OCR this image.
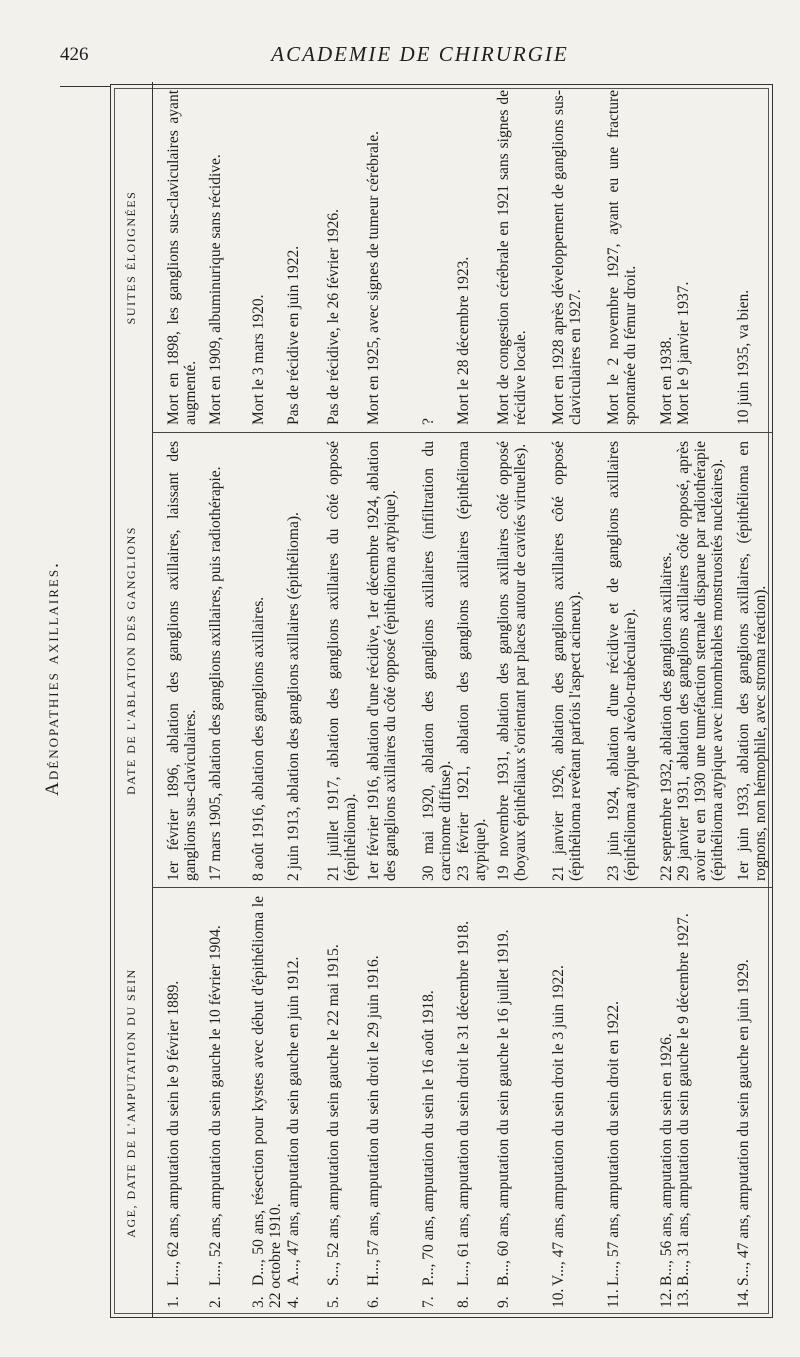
426	ACADEMIE DE CHIRURGIE
Adénopathies axillaires.
AGE, DATE DE L'AMPUTATION DU SEIN
DATE DE L'ABLATION DES GANGLIONS
SUITES ÉLOIGNÉES
1.L..., 62 ans, amputation du sein le 9 février 1889.
1er février 1896, ablation des ganglions axillaires, laissant des ganglions sus-claviculaires.
Mort en 1898, les ganglions sus-claviculaires ayant augmenté.
2.L..., 52 ans, amputation du sein gauche le 10 février 1904.
17 mars 1905, ablation des ganglions axillaires, puis radiothérapie.
Mort en 1909, albuminurique sans récidive.
3.D..., 50 ans, résection pour kystes avec début d'épithélioma le 22 octobre 1910.
8 août 1916, ablation des ganglions axillaires.
Mort le 3 mars 1920.
4.A..., 47 ans, amputation du sein gauche en juin 1912.
2 juin 1913, ablation des ganglions axillaires (épithélioma).
Pas de récidive en juin 1922.
5.S..., 52 ans, amputation du sein gauche le 22 mai 1915.
21 juillet 1917, ablation des ganglions axillaires du côté opposé (épithélioma).
Pas de récidive, le 26 février 1926.
6.H..., 57 ans, amputation du sein droit le 29 juin 1916.
1er février 1916, ablation d'une récidive, 1er décembre 1924, ablation des ganglions axillaires du côté opposé (épithélioma atypique).
Mort en 1925, avec signes de tumeur cérébrale.
7.P..., 70 ans, amputation du sein le 16 août 1918.
30 mai 1920, ablation des ganglions axillaires (infiltration du carcinome diffuse).
?
8.L..., 61 ans, amputation du sein droit le 31 décembre 1918.
23 février 1921, ablation des ganglions axillaires (épithélioma atypique).
Mort le 28 décembre 1923.
9.B..., 60 ans, amputation du sein gauche le 16 juillet 1919.
19 novembre 1931, ablation des ganglions axillaires côté opposé (boyaux épithéliaux s'orientant par places autour de cavités virtuelles).
Mort de congestion cérébrale en 1921 sans signes de récidive locale.
10.V..., 47 ans, amputation du sein droit le 3 juin 1922.
21 janvier 1926, ablation des ganglions axillaires côté opposé (épithélioma revêtant parfois l'aspect acineux).
Mort en 1928 après développement de ganglions sus-claviculaires en 1927.
11.L..., 57 ans, amputation du sein droit en 1922.
23 juin 1924, ablation d'une récidive et de ganglions axillaires (épithélioma atypique alvéolo-trabéculaire).
Mort le 2 novembre 1927, ayant eu une fracture spontanée du fémur droit.
12.B..., 56 ans, amputation du sein en 1926.
22 septembre 1932, ablation des ganglions axillaires.
Mort en 1938.
13.B..., 31 ans, amputation du sein gauche le 9 décembre 1927.
29 janvier 1931, ablation des ganglions axillaires côté opposé, après avoir eu en 1930 une tuméfaction sternale disparue par radiothérapie (épithélioma atypique avec innombrables monstruosités nucléaires).
Mort le 9 janvier 1937.
14.S..., 47 ans, amputation du sein gauche en juin 1929.
1er juin 1933, ablation des ganglions axillaires, (épithélioma en rognons, non hémophile, avec stroma réaction).
10 juin 1935, va bien.
